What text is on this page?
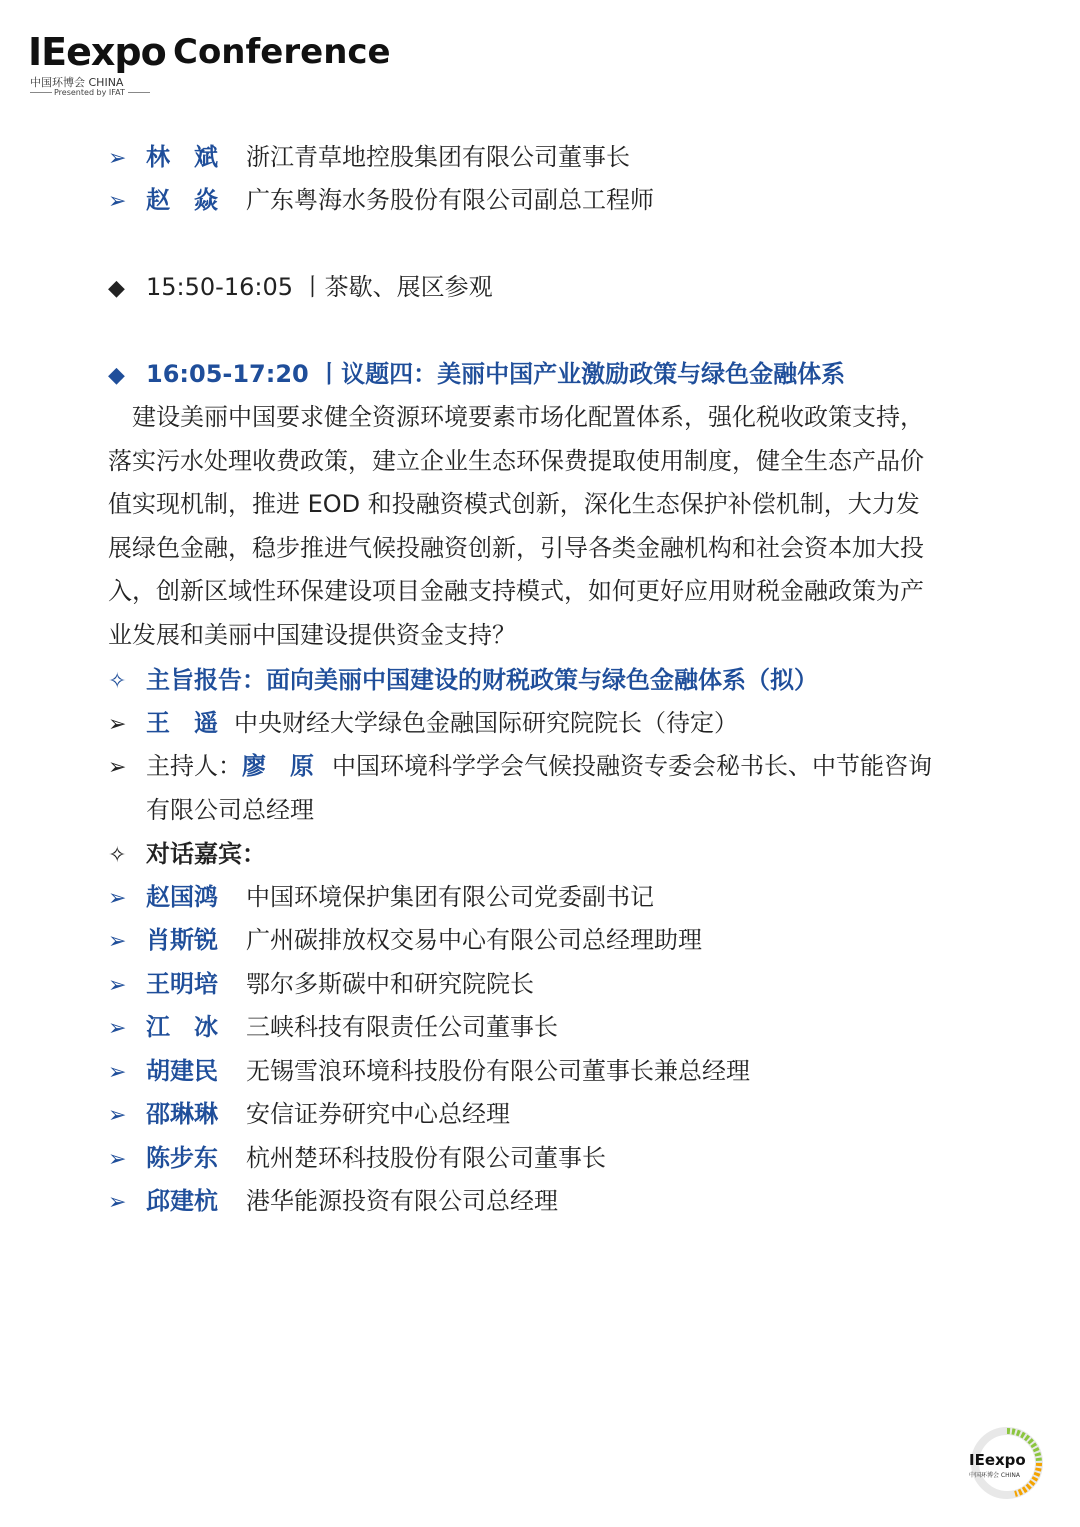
IEexpo Conference
中国环博会 CHINA
Presented by IFAT
➢ 林　斌 浙江青草地控股集团有限公司董事长
➢ 赵　焱 广东粤海水务股份有限公司副总工程师
◆ 15:50-16:05 丨茶歇、展区参观
◆ 16:05-17:20 丨议题四：美丽中国产业激励政策与绿色金融体系
　建设美丽中国要求健全资源环境要素市场化配置体系，强化税收政策支持，
落实污水处理收费政策，建立企业生态环保费提取使用制度，健全生态产品价
值实现机制，推进 EOD 和投融资模式创新，深化生态保护补偿机制，大力发
展绿色金融，稳步推进气候投融资创新，引导各类金融机构和社会资本加大投
入，创新区域性环保建设项目金融支持模式，如何更好应用财税金融政策为产
业发展和美丽中国建设提供资金支持？
✧ 主旨报告：面向美丽中国建设的财税政策与绿色金融体系（拟）
➢ 王　遥 中央财经大学绿色金融国际研究院院长（待定）
➢ 主持人：廖　原 中国环境科学学会气候投融资专委会秘书长、中节能咨询
有限公司总经理
✧ 对话嘉宾：
➢ 赵国鸿 中国环境保护集团有限公司党委副书记
➢ 肖斯锐 广州碳排放权交易中心有限公司总经理助理
➢ 王明培 鄂尔多斯碳中和研究院院长
➢ 江　冰 三峡科技有限责任公司董事长
➢ 胡建民 无锡雪浪环境科技股份有限公司董事长兼总经理
➢ 邵琳琳 安信证券研究中心总经理
➢ 陈步东 杭州楚环科技股份有限公司董事长
➢ 邱建杭 港华能源投资有限公司总经理
IEexpo
中国环博会 CHINA
